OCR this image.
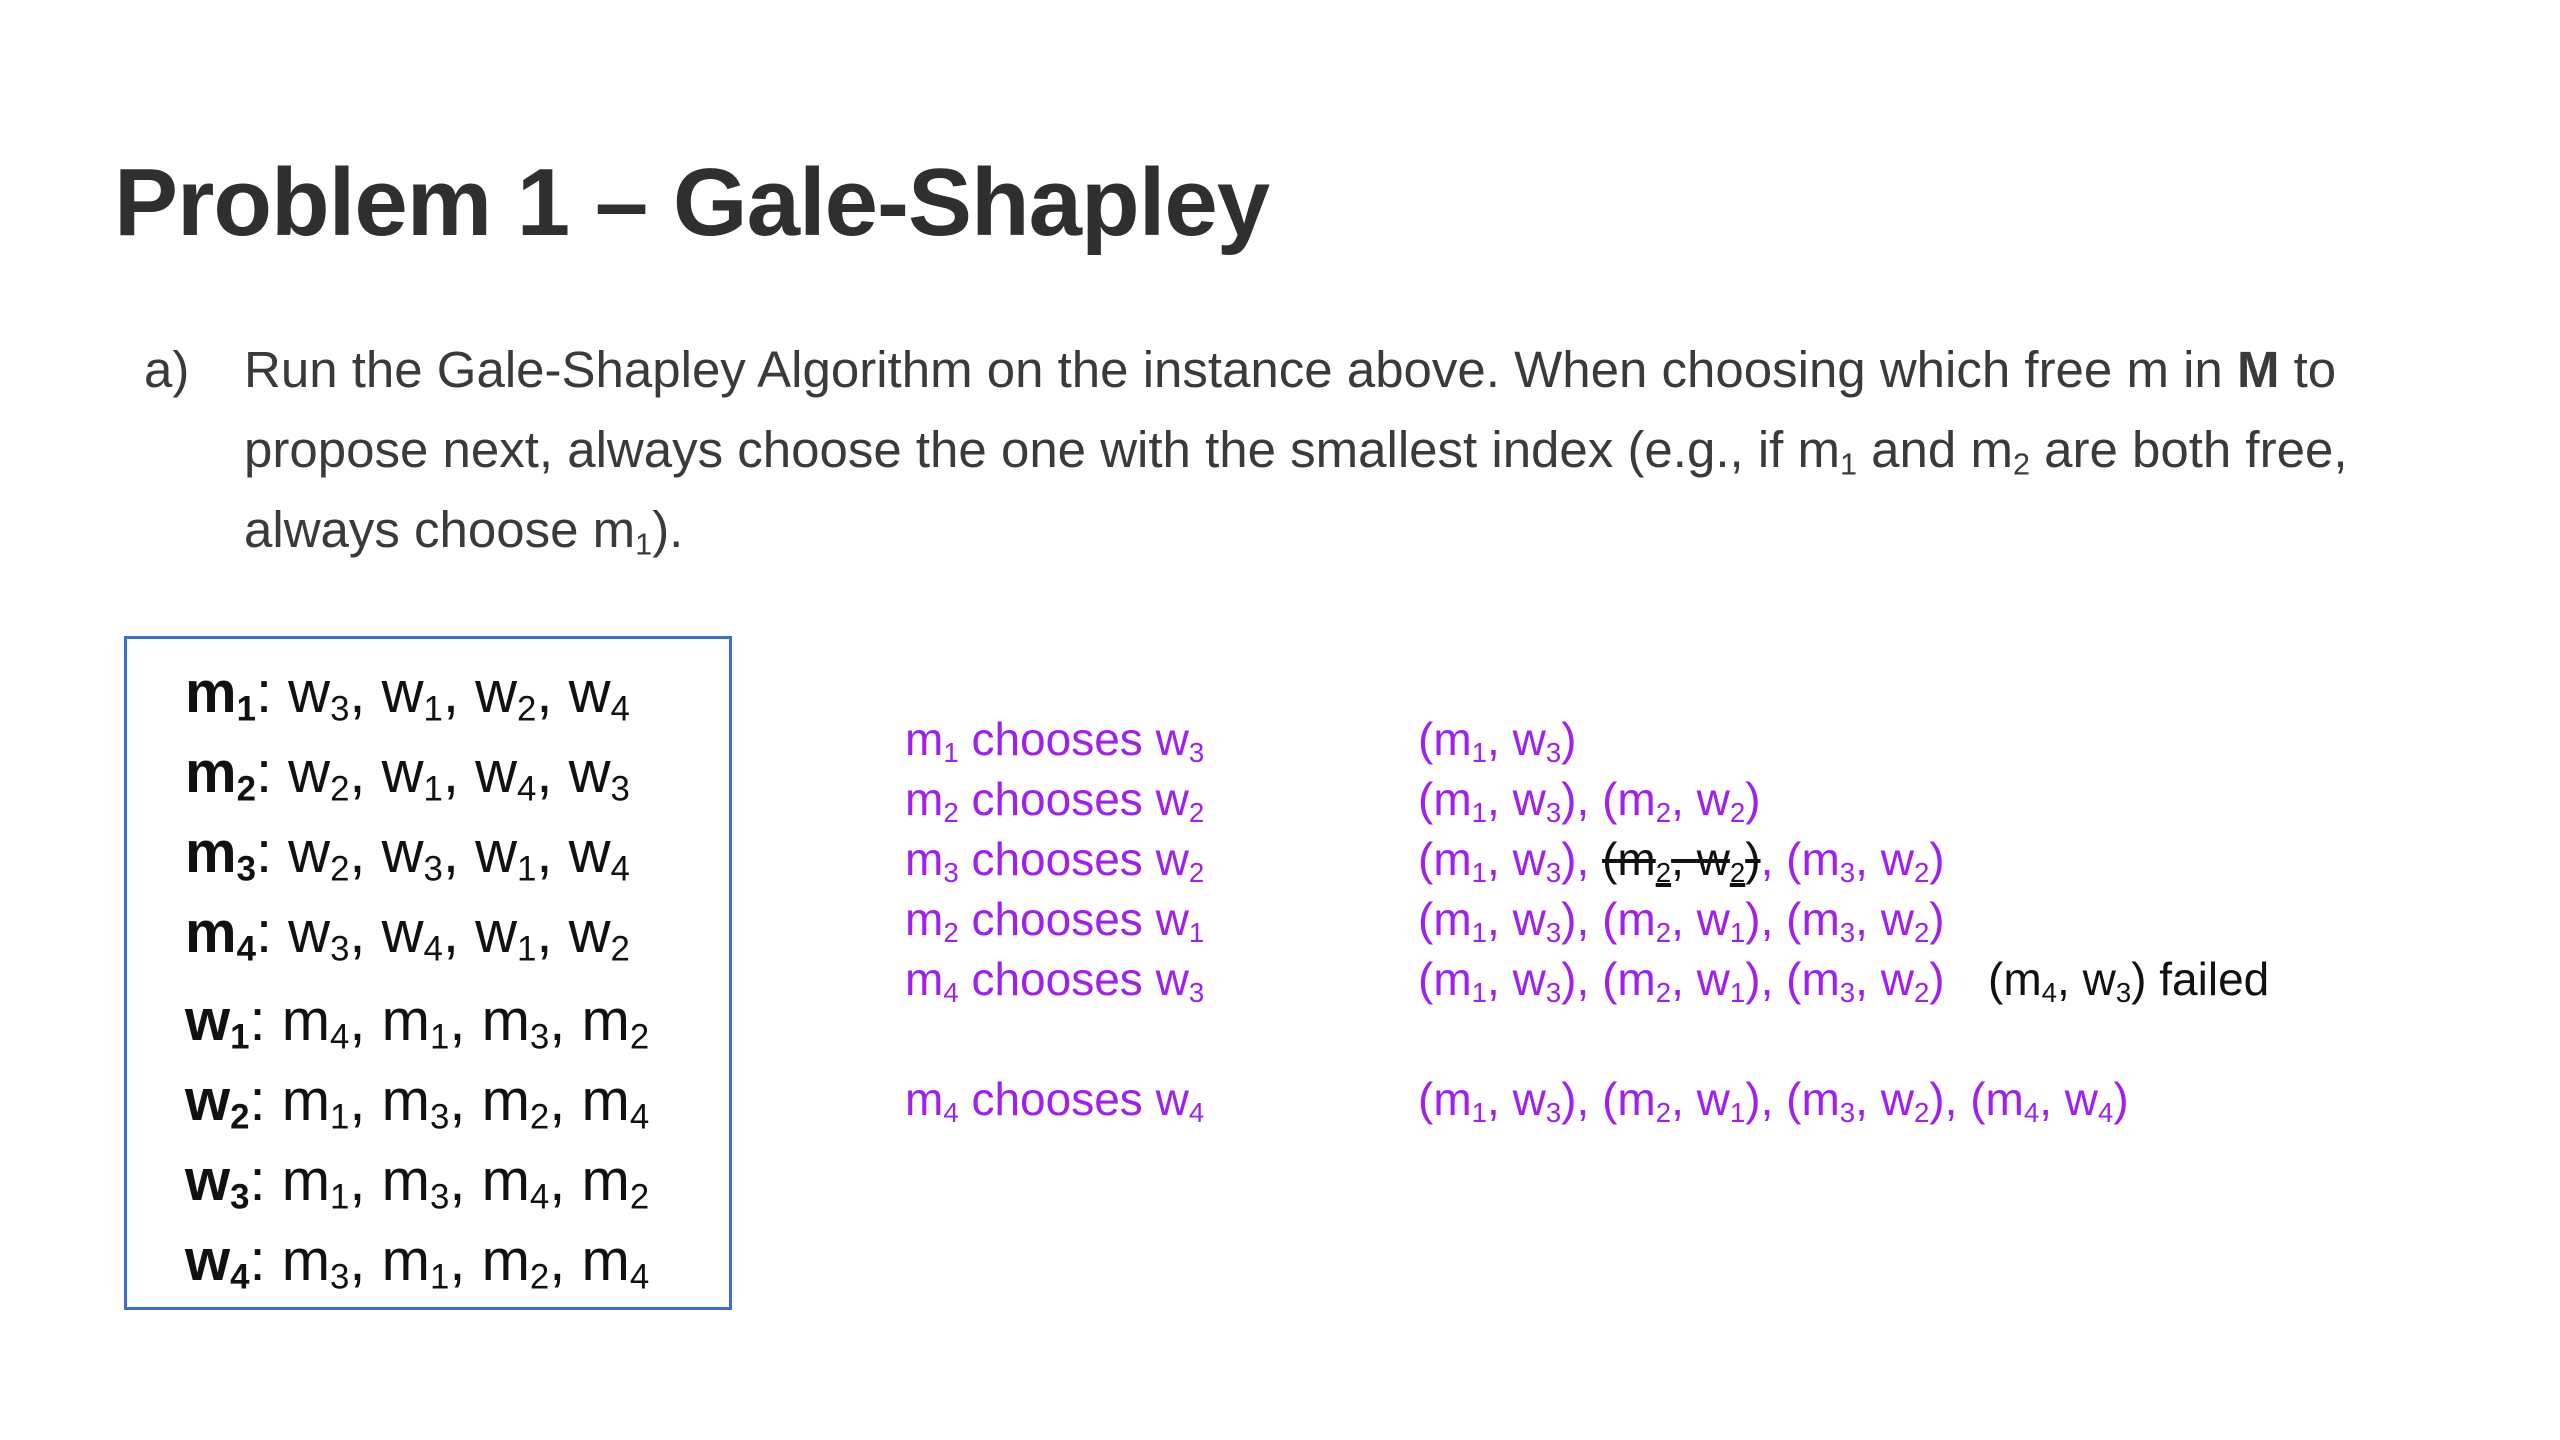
Problem 1 – Gale-Shapley
a) Run the Gale-Shapley Algorithm on the instance above. When choosing which free m in M to
propose next, always choose the one with the smallest index (e.g., if $m_1$ and $m_2$ are both free,
always choose $m_1$).
$m_1$: $w_3$, $w_1$, $w_2$, $w_4$
$m_2$: $w_2$, $w_1$, $w_4$, $w_3$
$m_3$: $w_2$, $w_3$, $w_1$, $w_4$
$m_4$: $w_3$, $w_4$, $w_1$, $w_2$
$w_1$: $m_4$, $m_1$, $m_3$, $m_2$
$w_2$: $m_1$, $m_3$, $m_2$, $m_4$
$w_3$: $m_1$, $m_3$, $m_4$, $m_2$
$w_4$: $m_3$, $m_1$, $m_2$, $m_4$
$m_1$ chooses $w_3$	($m_1$, $w_3$)
$m_2$ chooses $w_2$	($m_1$, $w_3$), ($m_2$, $w_2$)
$m_3$ chooses $w_2$	($m_1$, $w_3$), ($m_2$, $w_2$), ($m_3$, $w_2$)
$m_2$ chooses $w_1$	($m_1$, $w_3$), ($m_2$, $w_1$), ($m_3$, $w_2$)
$m_4$ chooses $w_3$	($m_1$, $w_3$), ($m_2$, $w_1$), ($m_3$, $w_2$) ($m_4$, $w_3$) failed
$m_4$ chooses $w_4$	($m_1$, $w_3$), ($m_2$, $w_1$), ($m_3$, $w_2$), ($m_4$, $w_4$)
